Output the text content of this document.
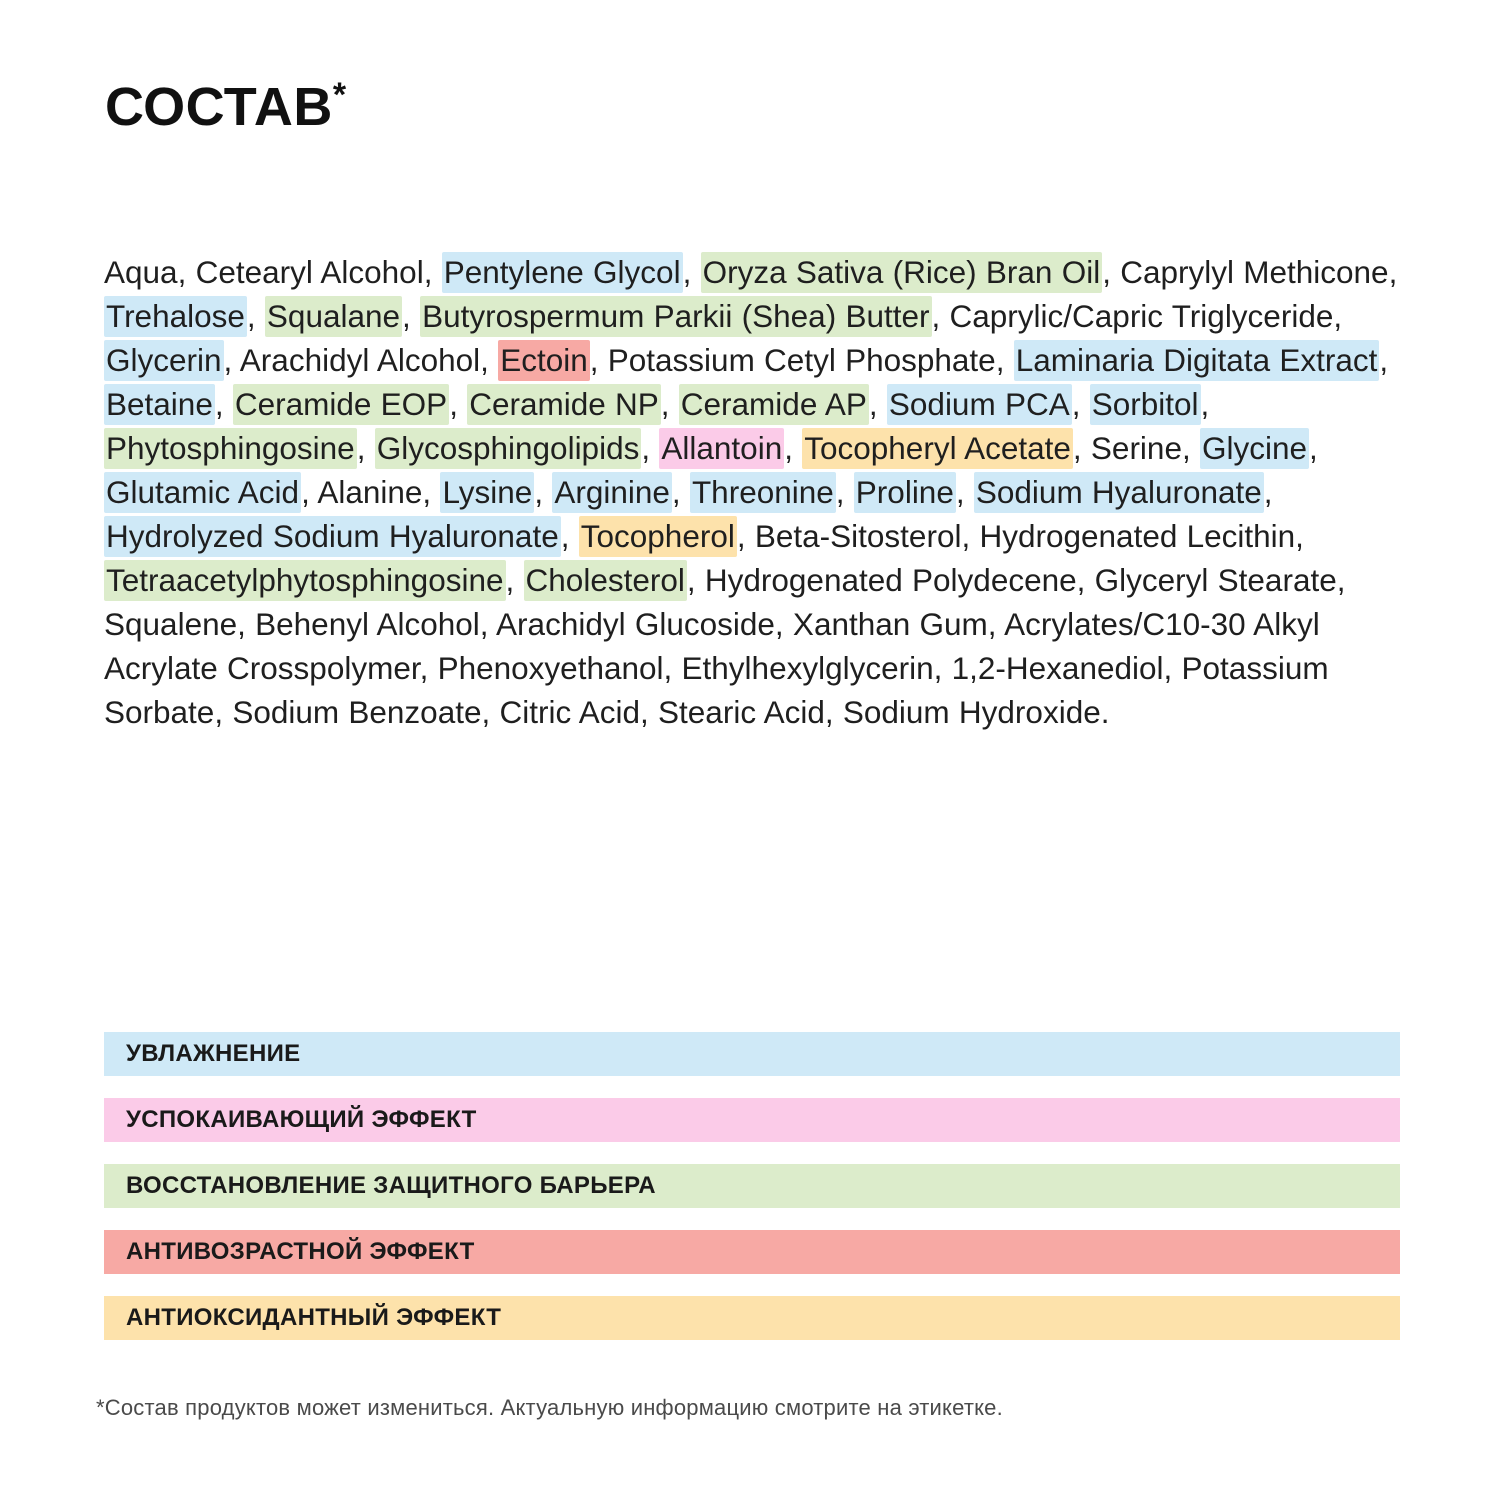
СОСТАВ*
Aqua, Cetearyl Alcohol, Pentylene Glycol, Oryza Sativa (Rice) Bran Oil, Caprylyl Methicone, Trehalose, Squalane, Butyrospermum Parkii (Shea) Butter, Caprylic/Capric Triglyceride, Glycerin, Arachidyl Alcohol, Ectoin, Potassium Cetyl Phosphate, Laminaria Digitata Extract, Betaine, Ceramide EOP, Ceramide NP, Ceramide AP, Sodium PCA, Sorbitol, Phytosphingosine, Glycosphingolipids, Allantoin, Tocopheryl Acetate, Serine, Glycine, Glutamic Acid, Alanine, Lysine, Arginine, Threonine, Proline, Sodium Hyaluronate, Hydrolyzed Sodium Hyaluronate, Tocopherol, Beta-Sitosterol, Hydrogenated Lecithin, Tetraacetylphytosphingosine, Cholesterol, Hydrogenated Polydecene, Glyceryl Stearate, Squalene, Behenyl Alcohol, Arachidyl Glucoside, Xanthan Gum, Acrylates/C10-30 Alkyl Acrylate Crosspolymer, Phenoxyethanol, Ethylhexylglycerin, 1,2-Hexanediol, Potassium Sorbate, Sodium Benzoate, Citric Acid, Stearic Acid, Sodium Hydroxide.
УВЛАЖНЕНИЕ
УСПОКАИВАЮЩИЙ ЭФФЕКТ
ВОССТАНОВЛЕНИЕ ЗАЩИТНОГО БАРЬЕРА
АНТИВОЗРАСТНОЙ ЭФФЕКТ
АНТИОКСИДАНТНЫЙ ЭФФЕКТ
*Состав продуктов может измениться. Актуальную информацию смотрите на этикетке.
